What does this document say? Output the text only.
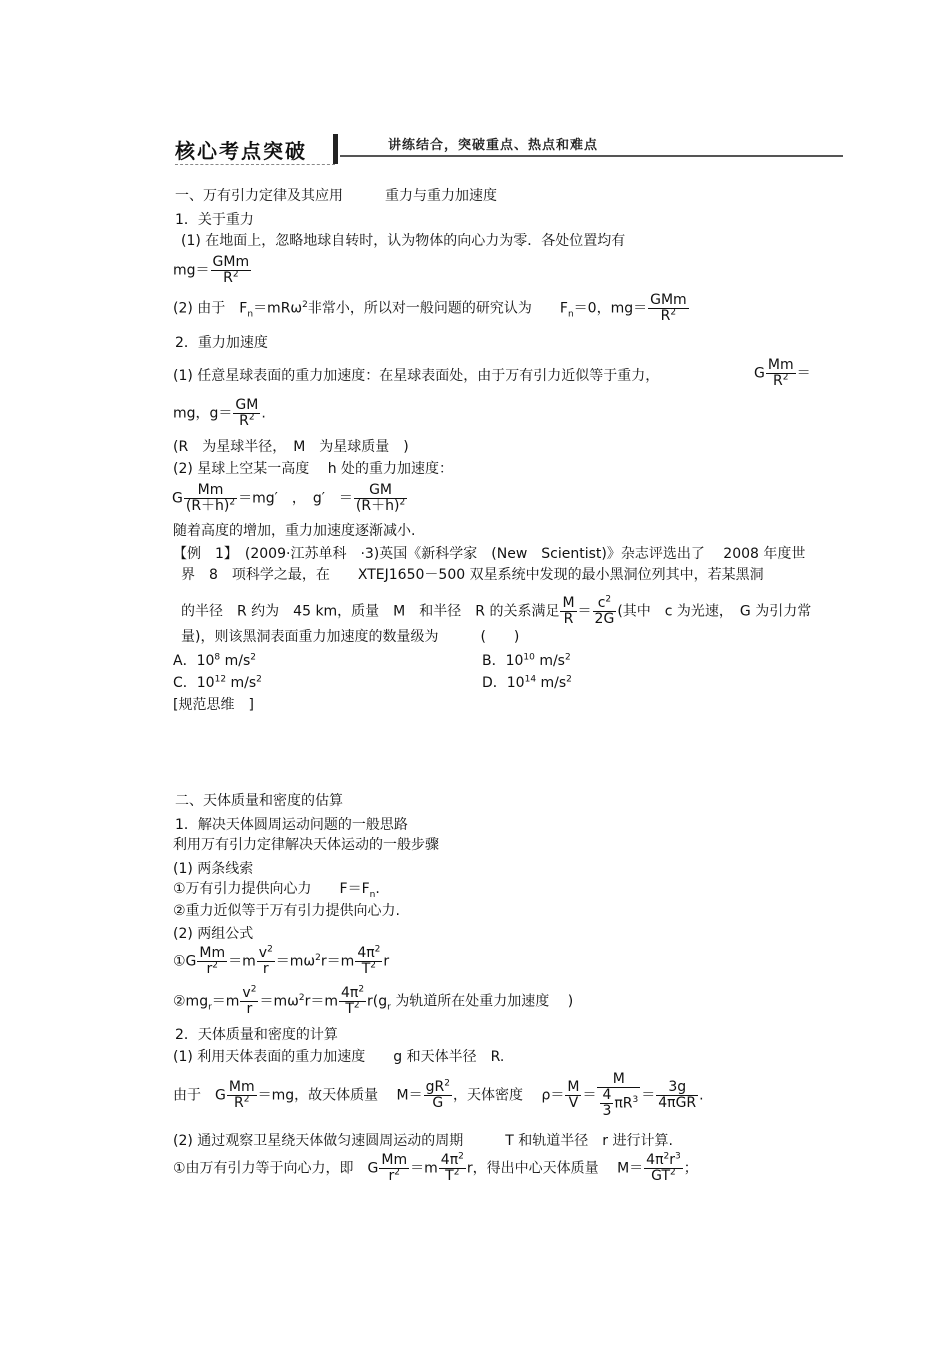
核心考点突破	讲练结合，突破重点、热点和难点
一、万有引力定律及其应用　　　重力与重力加速度
1．关于重力
(1) 在地面上，忽略地球自转时，认为物体的向心力为零．各处位置均有
mg＝
GMm
$R^2$
(2) 由于　$F_n=mR\omega^2$非常小，所以对一般问题的研究认为　　$F_n=0$，mg＝
GMm
$R^2$
2．重力加速度
(1) 任意星球表面的重力加速度：在星球表面处，由于万有引力近似等于重力，	G $\frac{Mm}{R^2}$ ＝
mg，$g= \frac{GM}{R^2}$ .
(R　为星球半径，　M　为星球质量　)
(2) 星球上空某一高度　 h 处的重力加速度：
G $\frac{Mm}{(R+h)^2} =mg'$　，　g′　＝ $\frac{GM}{(R+h)^2}$
随着高度的增加，重力加速度逐渐减小.
【例　1】　(2009·江苏单科　·3)英国《新科学家　(New　Scientist)》杂志评选出了　 2008 年度世
界　8　项科学之最，在　　XTEJ1650－500 双星系统中发现的最小黑洞位列其中，若某黑洞
的半径　R 约为　45 km，质量　M　和半径　R 的关系满足 $\frac{M}{R} = \frac{c^2}{2G}$ (其中　c 为光速，　G 为引力常
量)，则该黑洞表面重力加速度的数量级为　　　(　　)
A．$10^8$ $m/s^2$	B．$10^{10}$ $m/s^2$
C．$10^{12}$ $m/s^2$	D．$10^{14}$ $m/s^2$
[规范思维　]
二、天体质量和密度的估算
1．解决天体圆周运动问题的一般思路
利用万有引力定律解决天体运动的一般步骤
(1) 两条线索
①万有引力提供向心力　　$F=F_n$.
②重力近似等于万有引力提供向心力.
(2) 两组公式
①G $\frac{Mm}{r^2} =m \frac{v^2}{r} =m\omega^2r=m \frac{4\pi^2}{T^2}$ r
$②mg_r=m \frac{v^2}{r} =m\omega^2r=m \frac{4\pi^2}{T^2} r(g_r$ 为轨道所在处重力加速度　 )
2．天体质量和密度的计算
(1) 利用天体表面的重力加速度　　g 和天体半径　R.
由于　G $\frac{Mm}{R^2} =mg$，故天体质量　 $M= \frac{gR^2}{G}$ ，天体密度　 $\rho= \frac{M}{V} = \frac{M}{\frac{4}{3} \pi R^3}$ ＝
3g
4πGR .
(2) 通过观察卫星绕天体做匀速圆周运动的周期　　　T 和轨道半径　r 进行计算.
①由万有引力等于向心力，即　G $\frac{Mm}{r^2} =m \frac{4\pi^2}{T^2}$ r，得出中心天体质量　 $M= \frac{4\pi^2r^3}{GT^2}$ ；
